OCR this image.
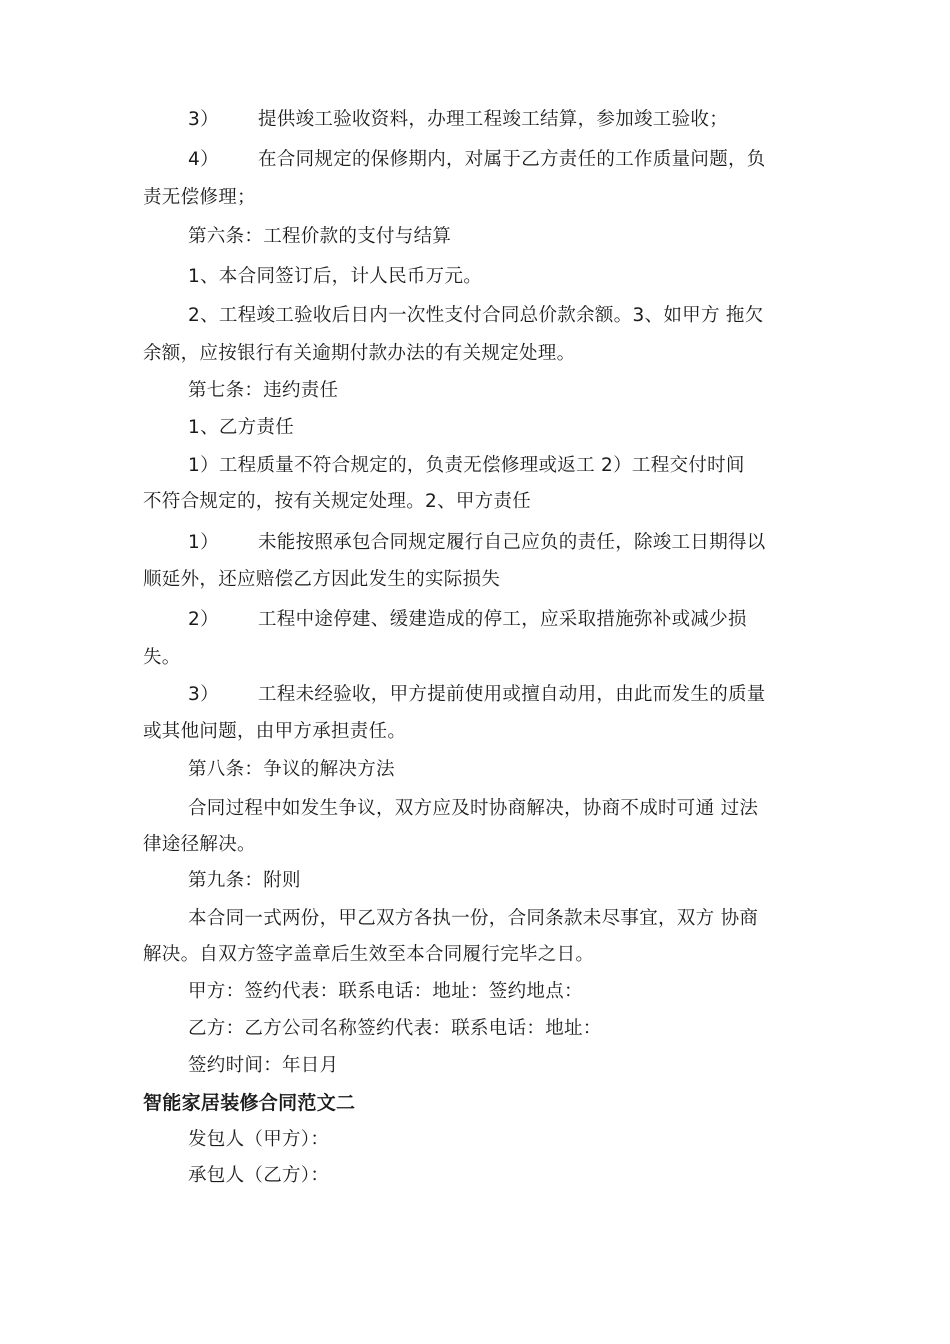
3） 提供竣工验收资料，办理工程竣工结算，参加竣工验收；
4） 在合同规定的保修期内，对属于乙方责任的工作质量问题，负
责无偿修理；
第六条：工程价款的支付与结算
1、本合同签订后，计人民币万元。
2、工程竣工验收后日内一次性支付合同总价款余额。3、如甲方 拖欠
余额，应按银行有关逾期付款办法的有关规定处理。
第七条：违约责任
1、乙方责任
1）工程质量不符合规定的，负责无偿修理或返工 2）工程交付时间
不符合规定的，按有关规定处理。2、甲方责任
1） 未能按照承包合同规定履行自己应负的责任，除竣工日期得以
顺延外，还应赔偿乙方因此发生的实际损失
2） 工程中途停建、缓建造成的停工，应采取措施弥补或减少损
失。
3） 工程未经验收，甲方提前使用或擅自动用，由此而发生的质量
或其他问题，由甲方承担责任。
第八条：争议的解决方法
合同过程中如发生争议，双方应及时协商解决，协商不成时可通 过法
律途径解决。
第九条：附则
本合同一式两份，甲乙双方各执一份，合同条款未尽事宜，双方 协商
解决。自双方签字盖章后生效至本合同履行完毕之日。
甲方：签约代表：联系电话：地址：签约地点：
乙方：乙方公司名称签约代表：联系电话：地址：
签约时间：年日月
智能家居装修合同范文二
发包人（甲方）：
承包人（乙方）：
